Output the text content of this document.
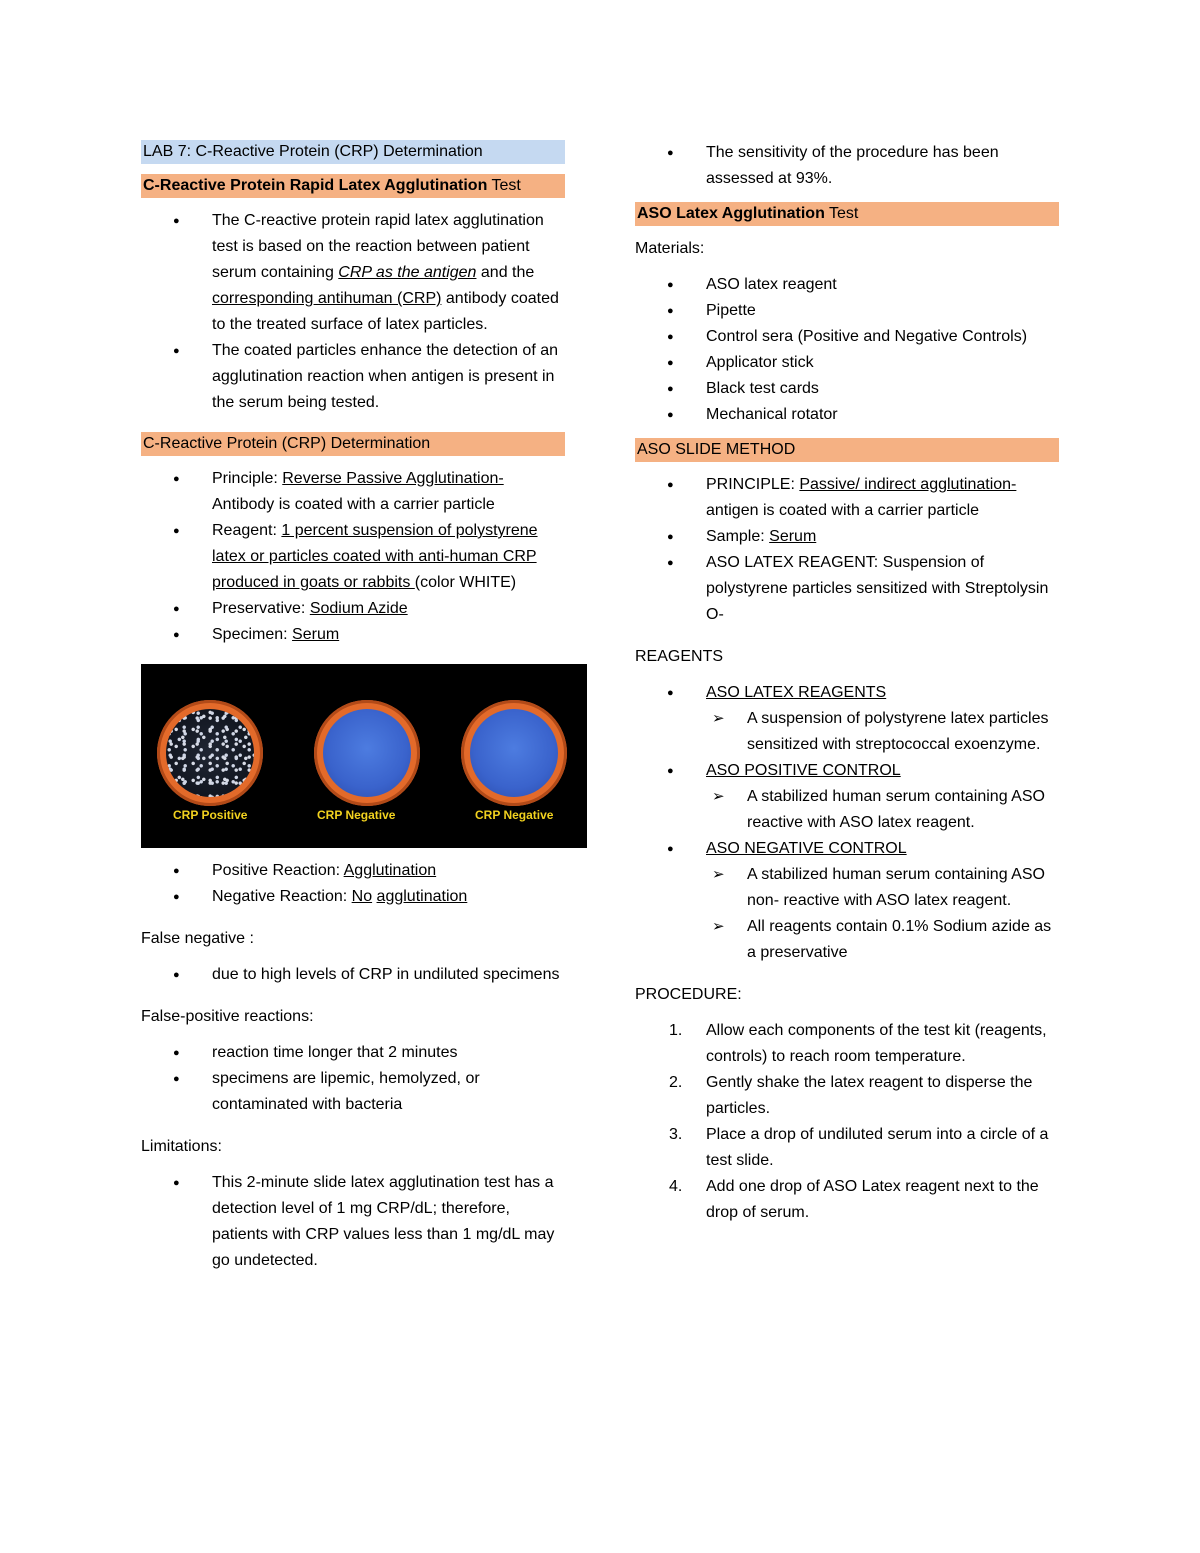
LAB 7: C-Reactive Protein (CRP) Determination
C-Reactive Protein Rapid Latex Agglutination Test
● The C-reactive protein rapid latex agglutination test is based on the reaction between patient serum containing CRP as the antigen and the corresponding antihuman (CRP) antibody coated to the treated surface of latex particles.
● The coated particles enhance the detection of an agglutination reaction when antigen is present in the serum being tested.
C-Reactive Protein (CRP) Determination
● Principle: Reverse Passive Agglutination- Antibody is coated with a carrier particle
● Reagent: 1 percent suspension of polystyrene latex or particles coated with anti-human CRP produced in goats or rabbits (color WHITE)
● Preservative: Sodium Azide
● Specimen: Serum
CRP Positive	CRP Negative	CRP Negative
● Positive Reaction: Agglutination
● Negative Reaction: No agglutination

False negative :

● due to high levels of CRP in undiluted specimens

False-positive reactions:

● reaction time longer that 2 minutes
● specimens are lipemic, hemolyzed, or contaminated with bacteria

Limitations:

● This 2-minute slide latex agglutination test has a detection level of 1 mg CRP/dL; therefore, patients with CRP values less than 1 mg/dL may go undetected.
● The sensitivity of the procedure has been assessed at 93%.
ASO Latex Agglutination Test

Materials:

● ASO latex reagent
● Pipette
● Control sera (Positive and Negative Controls)
● Applicator stick
● Black test cards
● Mechanical rotator
ASO SLIDE METHOD
● PRINCIPLE: Passive/ indirect agglutination- antigen is coated with a carrier particle
● Sample: Serum
● ASO LATEX REAGENT: Suspension of polystyrene particles sensitized with Streptolysin O-

REAGENTS

● ASO LATEX REAGENTS
➢ A suspension of polystyrene latex particles sensitized with streptococcal exoenzyme.
● ASO POSITIVE CONTROL
➢ A stabilized human serum containing ASO reactive with ASO latex reagent.
● ASO NEGATIVE CONTROL
➢ A stabilized human serum containing ASO non- reactive with ASO latex reagent.
➢ All reagents contain 0.1% Sodium azide as a preservative

PROCEDURE:

1. Allow each components of the test kit (reagents, controls) to reach room temperature.
2. Gently shake the latex reagent to disperse the particles.
3. Place a drop of undiluted serum into a circle of a test slide.
4. Add one drop of ASO Latex reagent next to the drop of serum.
